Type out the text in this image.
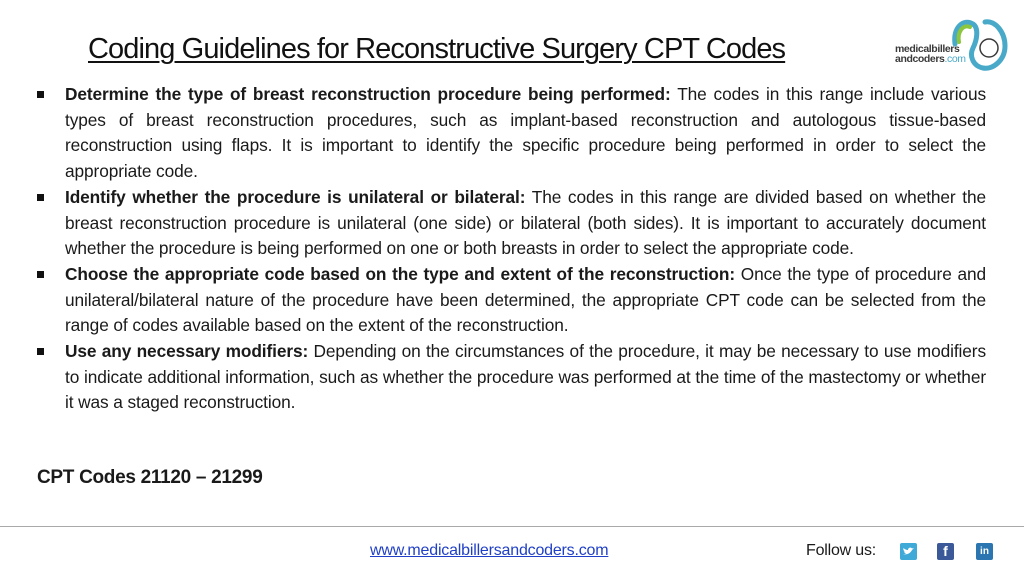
Coding Guidelines for Reconstructive Surgery CPT Codes	medicalbillers
andcoders.com
Determine the type of breast reconstruction procedure being performed: The codes in this range include various types of breast reconstruction procedures, such as implant-based reconstruction and autologous tissue-based reconstruction using flaps. It is important to identify the specific procedure being performed in order to select the appropriate code.
Identify whether the procedure is unilateral or bilateral: The codes in this range are divided based on whether the breast reconstruction procedure is unilateral (one side) or bilateral (both sides). It is important to accurately document whether the procedure is being performed on one or both breasts in order to select the appropriate code.
Choose the appropriate code based on the type and extent of the reconstruction: Once the type of procedure and unilateral/bilateral nature of the procedure have been determined, the appropriate CPT code can be selected from the range of codes available based on the extent of the reconstruction.
Use any necessary modifiers: Depending on the circumstances of the procedure, it may be necessary to use modifiers to indicate additional information, such as whether the procedure was performed at the time of the mastectomy or whether it was a staged reconstruction.
CPT Codes 21120 – 21299
www.medicalbillersandcoders.com	Follow us:	f	in
